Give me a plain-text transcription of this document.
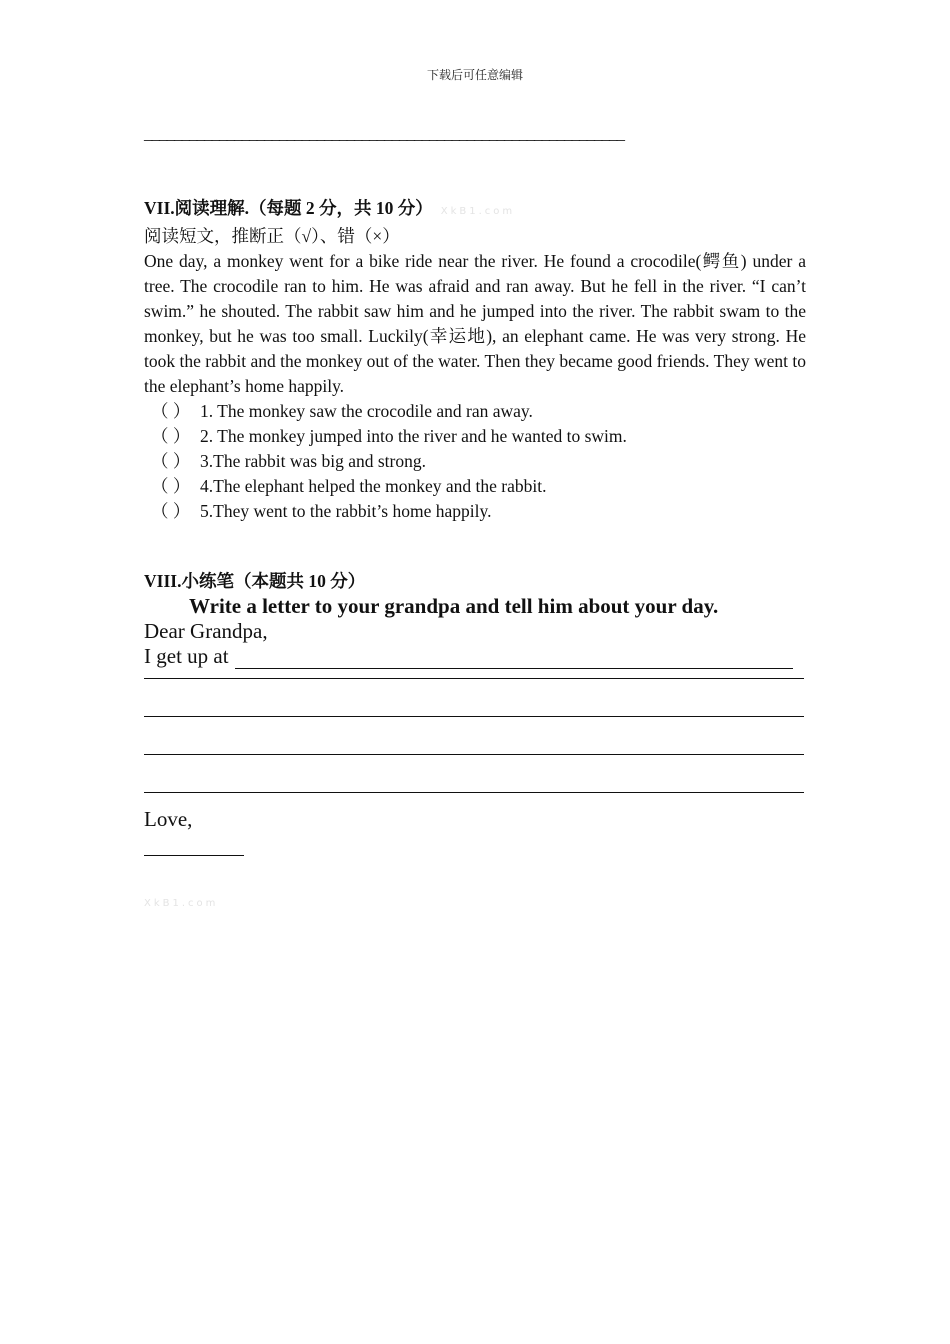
下载后可任意编辑
________________________________________________________________
VII.阅读理解.（每题 2 分，共 10 分） XkB1.com
阅读短文，推断正（√）、错（×）

One day, a monkey went for a bike ride near the river. He found a crocodile(鳄鱼) under a tree. The crocodile ran to him. He was afraid and ran away. But he fell in the river. “I can’t swim.” he shouted. The rabbit saw him and he jumped into the river. The rabbit swam to the monkey, but he was too small. Luckily(幸运地), an elephant came. He was very strong. He took the rabbit and the monkey out of the water. Then they became good friends. They went to the elephant’s home happily.

（ ） 1. The monkey saw the crocodile and ran away.
（ ） 2. The monkey jumped into the river and he wanted to swim.
（ ） 3.The rabbit was big and strong.
（ ） 4.The elephant helped the monkey and the rabbit.
（ ） 5.They went to the rabbit’s home happily.
VIII.小练笔（本题共 10 分）
Write a letter to your grandpa and tell him about your day.
Dear Grandpa,
I get up at
Love,
XkB1.com
